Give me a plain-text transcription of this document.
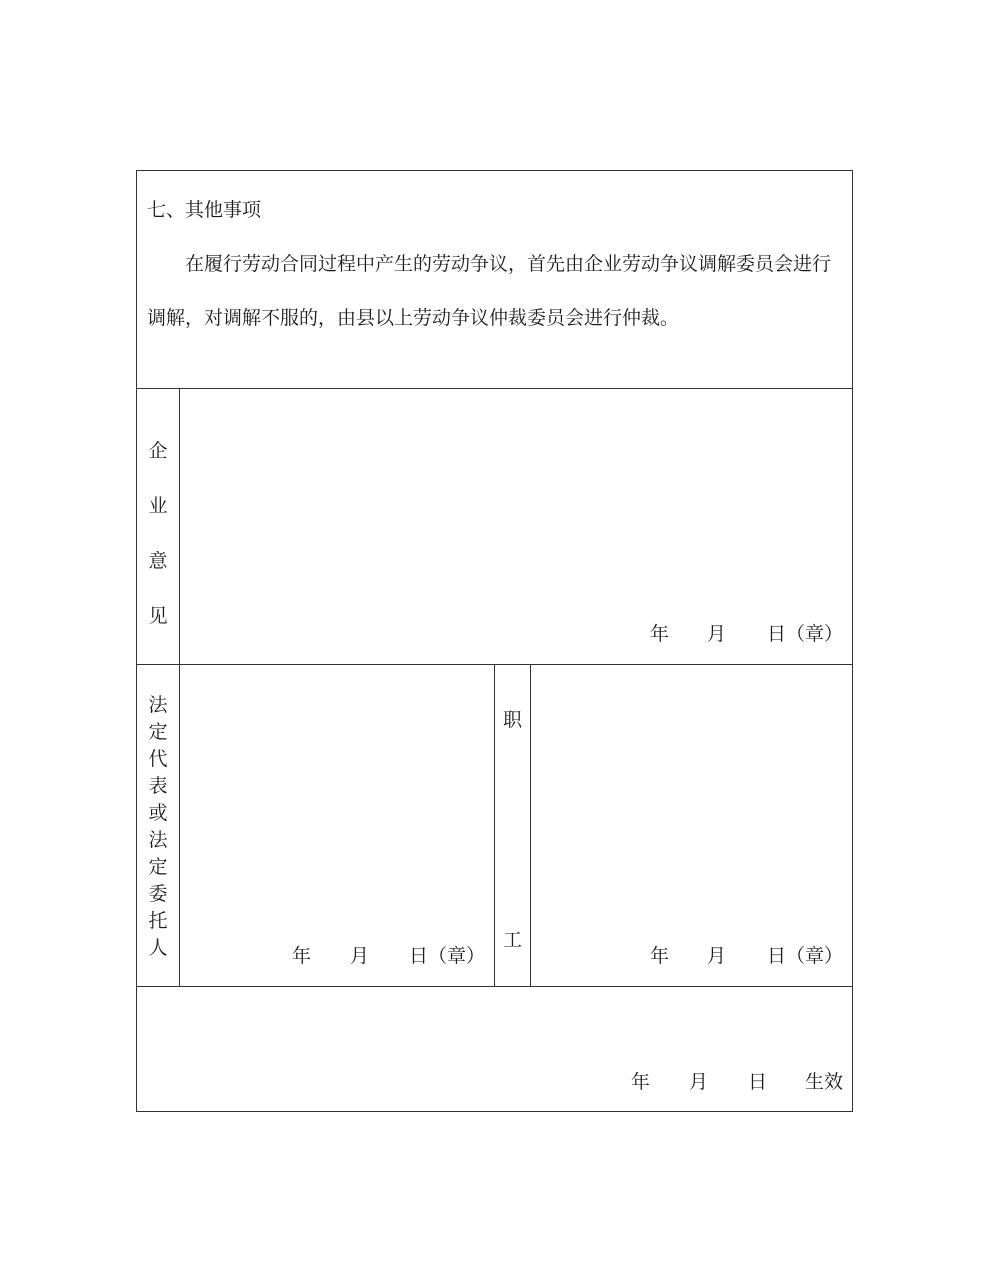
七、其他事项
在履行劳动合同过程中产生的劳动争议，首先由企业劳动争议调解委员会进行
调解，对调解不服的，由县以上劳动争议仲裁委员会进行仲裁。
企
业
意
见
年 月 日（章）
法
定
代
表
或
法
定
委
托
人	年 月 日（章）
职
工
年 月 日（章）
年 月 日 生效
